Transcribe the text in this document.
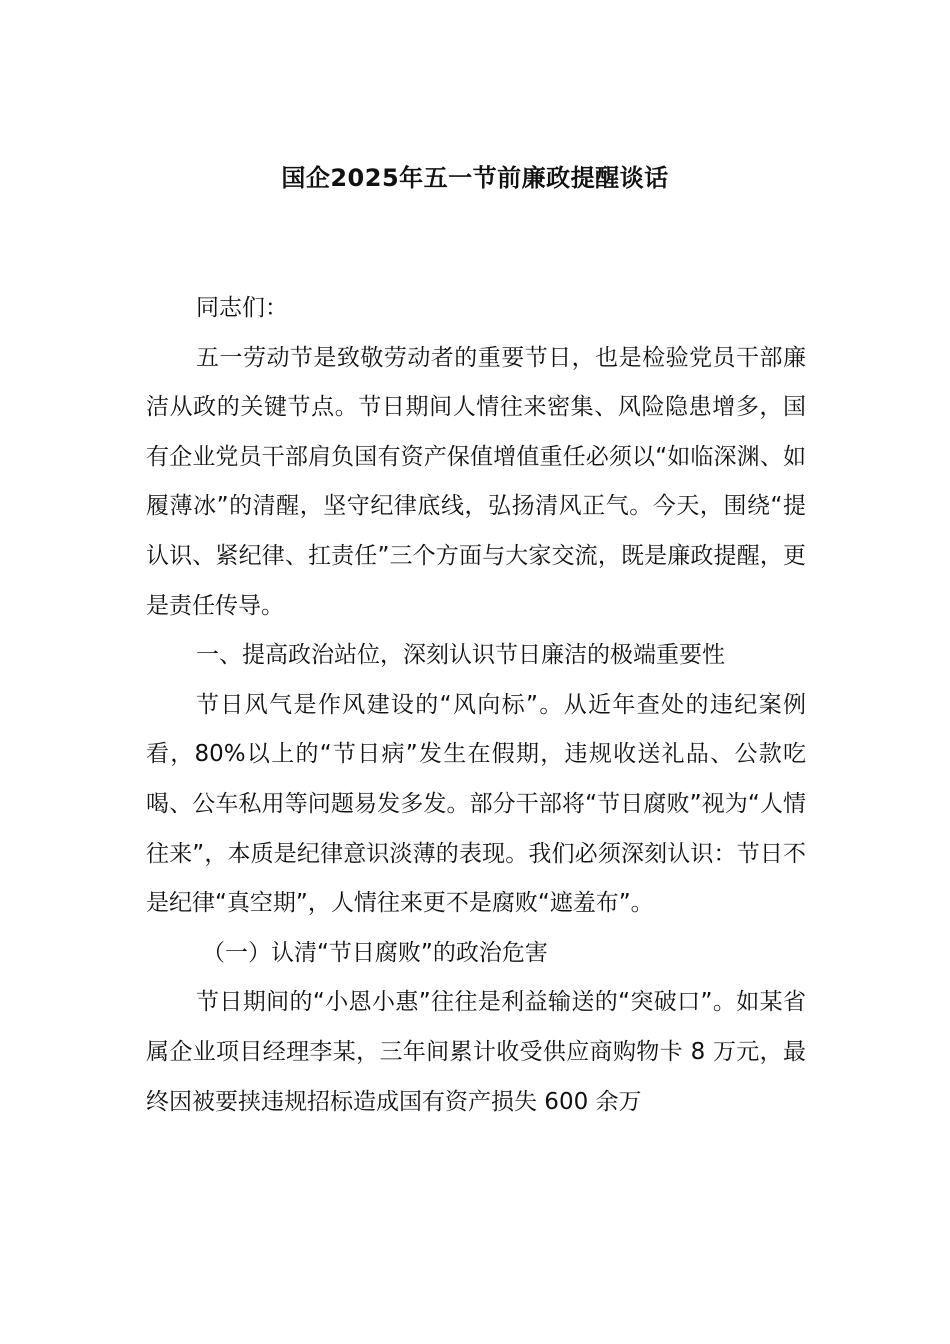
国企2025年五一节前廉政提醒谈话

同志们：

五一劳动节是致敬劳动者的重要节日，也是检验党员干部廉洁从政的关键节点。节日期间人情往来密集、风险隐患增多，国有企业党员干部肩负国有资产保值增值重任必须以“如临深渊、如履薄冰”的清醒，坚守纪律底线，弘扬清风正气。今天，围绕“提认识、紧纪律、扛责任”三个方面与大家交流，既是廉政提醒，更是责任传导。

一、提高政治站位，深刻认识节日廉洁的极端重要性

节日风气是作风建设的“风向标”。从近年查处的违纪案例看，80%以上的“节日病”发生在假期，违规收送礼品、公款吃喝、公车私用等问题易发多发。部分干部将“节日腐败”视为“人情往来”，本质是纪律意识淡薄的表现。我们必须深刻认识：节日不是纪律“真空期”，人情往来更不是腐败“遮羞布”。

（一）认清“节日腐败”的政治危害

节日期间的“小恩小惠”往往是利益输送的“突破口”。如某省属企业项目经理李某，三年间累计收受供应商购物卡 8 万元，最终因被要挟违规招标造成国有资产损失 600 余万
